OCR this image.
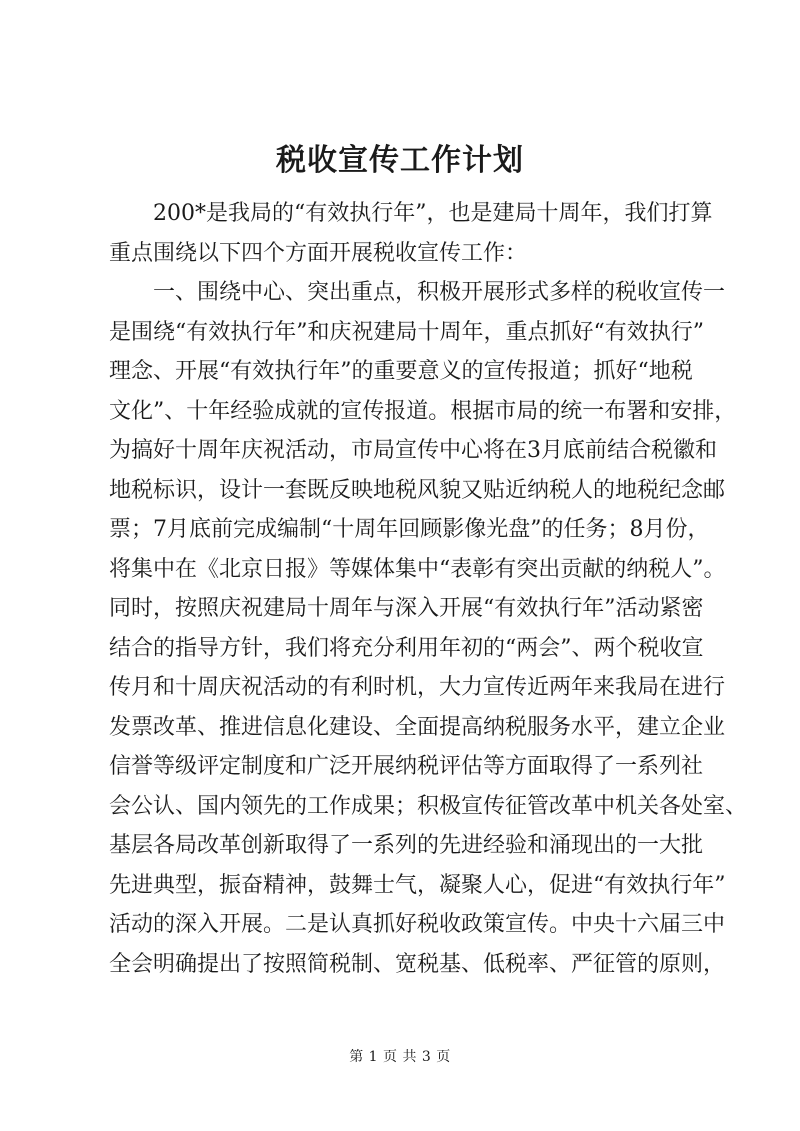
税收宣传工作计划
　　200*是我局的“有效执行年”，也是建局十周年，我们打算
重点围绕以下四个方面开展税收宣传工作：
　　一、围绕中心、突出重点，积极开展形式多样的税收宣传一
是围绕“有效执行年”和庆祝建局十周年，重点抓好“有效执行”
理念、开展“有效执行年”的重要意义的宣传报道；抓好“地税
文化”、十年经验成就的宣传报道。根据市局的统一布署和安排，
为搞好十周年庆祝活动，市局宣传中心将在3月底前结合税徽和
地税标识，设计一套既反映地税风貌又贴近纳税人的地税纪念邮
票；7月底前完成编制“十周年回顾影像光盘”的任务；8月份，
将集中在《北京日报》等媒体集中“表彰有突出贡献的纳税人”。
同时，按照庆祝建局十周年与深入开展“有效执行年”活动紧密
结合的指导方针，我们将充分利用年初的“两会”、两个税收宣
传月和十周庆祝活动的有利时机，大力宣传近两年来我局在进行
发票改革、推进信息化建设、全面提高纳税服务水平，建立企业
信誉等级评定制度和广泛开展纳税评估等方面取得了一系列社
会公认、国内领先的工作成果；积极宣传征管改革中机关各处室、
基层各局改革创新取得了一系列的先进经验和涌现出的一大批
先进典型，振奋精神，鼓舞士气，凝聚人心，促进“有效执行年”
活动的深入开展。二是认真抓好税收政策宣传。中央十六届三中
全会明确提出了按照简税制、宽税基、低税率、严征管的原则，
第 1 页 共 3 页
